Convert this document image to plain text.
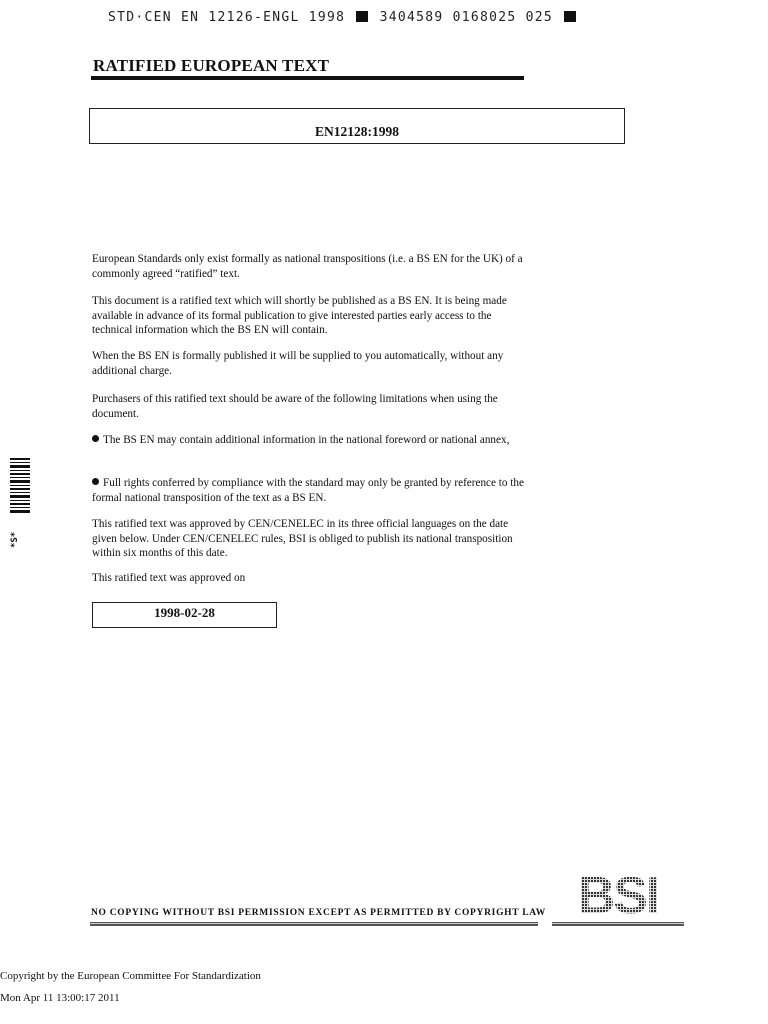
STD·CEN EN 12126-ENGL 1998	3404589 0168025 025
RATIFIED EUROPEAN TEXT
EN12128:1998
European Standards only exist formally as national transpositions (i.e. a BS EN for the UK) of a commonly agreed “ratified” text.
This document is a ratified text which will shortly be published as a BS EN. It is being made available in advance of its formal publication to give interested parties early access to the technical information which the BS EN will contain.
When the BS EN is formally published it will be supplied to you automatically, without any additional charge.
Purchasers of this ratified text should be aware of the following limitations when using the document.
The BS EN may contain additional information in the national foreword or national annex,
Full rights conferred by compliance with the standard may only be granted by reference to the formal national transposition of the text as a BS EN.
This ratified text was approved by CEN/CENELEC in its three official languages on the date given below. Under CEN/CENELEC rules, BSI is obliged to publish its national transposition within six months of this date.
This ratified text was approved on
1998-02-28
*S*
NO COPYING WITHOUT BSI PERMISSION EXCEPT AS PERMITTED BY COPYRIGHT LAW BSI
Copyright by the European Committee For Standardization
Mon Apr 11 13:00:17 2011
